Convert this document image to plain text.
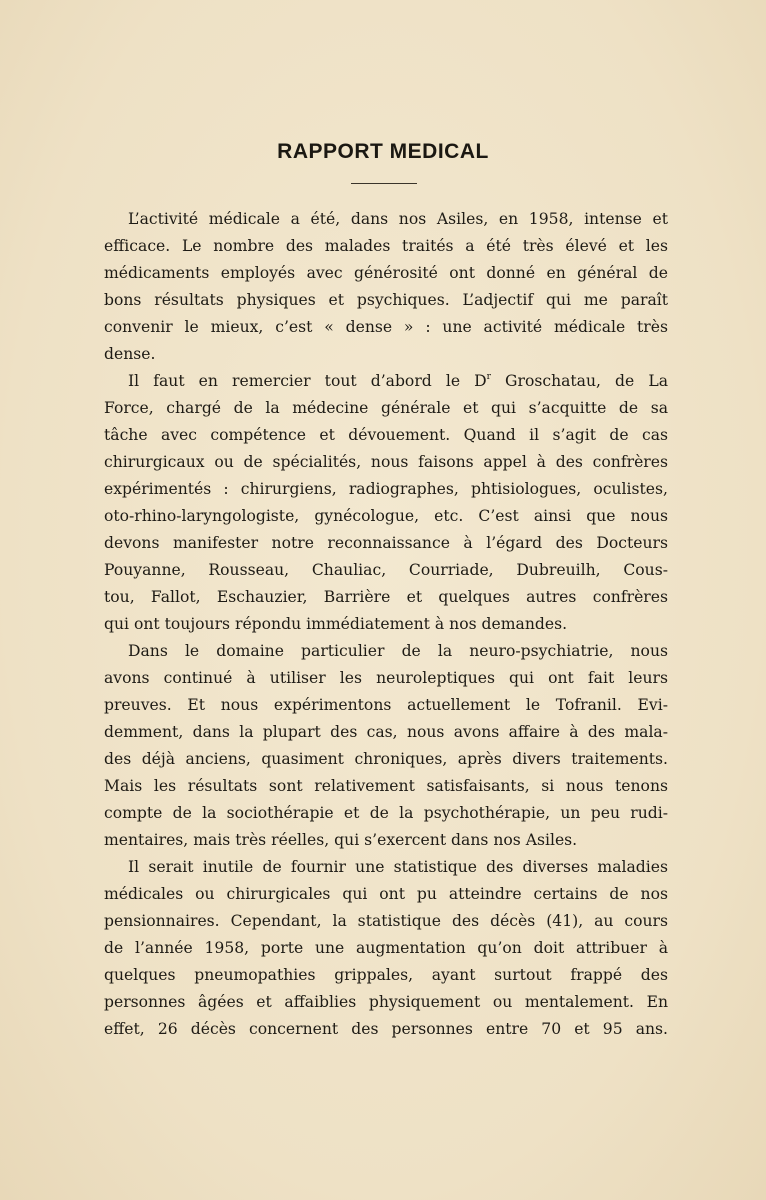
RAPPORT MEDICAL
L’activité médicale a été, dans nos Asiles, en 1958, intense et
efficace. Le nombre des malades traités a été très élevé et les
médicaments employés avec générosité ont donné en général de
bons résultats physiques et psychiques. L’adjectif qui me paraît
convenir le mieux, c’est « dense » : une activité médicale très
dense.
Il faut en remercier tout d’abord le $D^r$ Groschatau, de La
Force, chargé de la médecine générale et qui s’acquitte de sa
tâche avec compétence et dévouement. Quand il s’agit de cas
chirurgicaux ou de spécialités, nous faisons appel à des confrères
expérimentés : chirurgiens, radiographes, phtisiologues, oculistes,
oto-rhino-laryngologiste, gynécologue, etc. C’est ainsi que nous
devons manifester notre reconnaissance à l’égard des Docteurs
Pouyanne, Rousseau, Chauliac, Courriade, Dubreuilh, Cous-
tou, Fallot, Eschauzier, Barrière et quelques autres confrères
qui ont toujours répondu immédiatement à nos demandes.
Dans le domaine particulier de la neuro-psychiatrie, nous
avons continué à utiliser les neuroleptiques qui ont fait leurs
preuves. Et nous expérimentons actuellement le Tofranil. Evi-
demment, dans la plupart des cas, nous avons affaire à des mala-
des déjà anciens, quasiment chroniques, après divers traitements.
Mais les résultats sont relativement satisfaisants, si nous tenons
compte de la sociothérapie et de la psychothérapie, un peu rudi-
mentaires, mais très réelles, qui s’exercent dans nos Asiles.
Il serait inutile de fournir une statistique des diverses maladies
médicales ou chirurgicales qui ont pu atteindre certains de nos
pensionnaires. Cependant, la statistique des décès (41), au cours
de l’année 1958, porte une augmentation qu’on doit attribuer à
quelques pneumopathies grippales, ayant surtout frappé des
personnes âgées et affaiblies physiquement ou mentalement. En
effet, 26 décès concernent des personnes entre 70 et 95 ans.
